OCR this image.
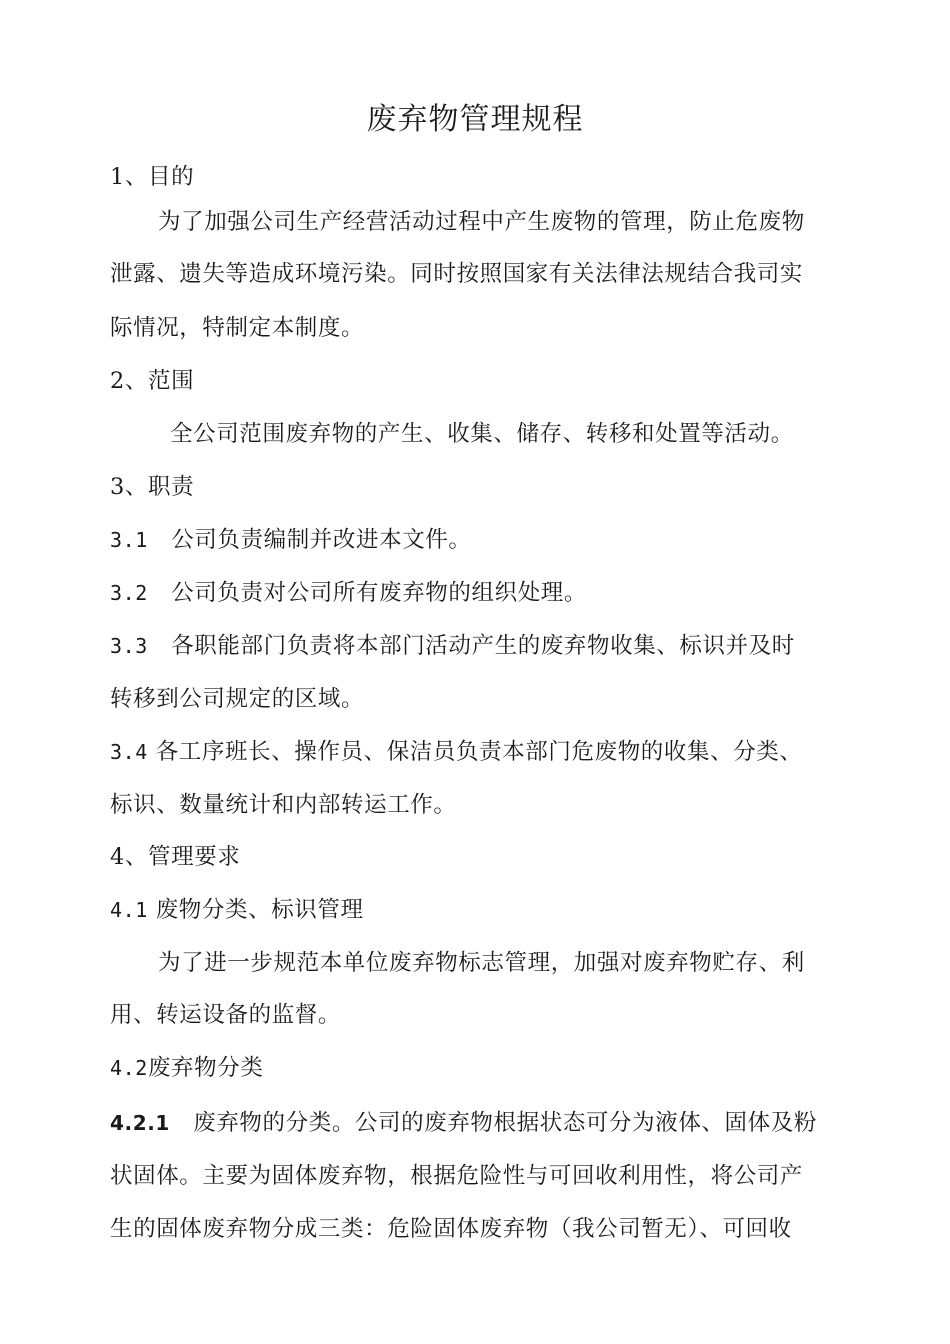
废弃物管理规程
1、目的
为了加强公司生产经营活动过程中产生废物的管理，防止危废物
泄露、遗失等造成环境污染。同时按照国家有关法律法规结合我司实
际情况，特制定本制度。
2、范围
全公司范围废弃物的产生、收集、储存、转移和处置等活动。
3、职责
3.1 公司负责编制并改进本文件。
3.2 公司负责对公司所有废弃物的组织处理。
3.3 各职能部门负责将本部门活动产生的废弃物收集、标识并及时
转移到公司规定的区域。
3.4 各工序班长、操作员、保洁员负责本部门危废物的收集、分类、
标识、数量统计和内部转运工作。
4、管理要求
4.1 废物分类、标识管理
为了进一步规范本单位废弃物标志管理，加强对废弃物贮存、利
用、转运设备的监督。
4.2废弃物分类
4.2.1 废弃物的分类。公司的废弃物根据状态可分为液体、固体及粉
状固体。主要为固体废弃物，根据危险性与可回收利用性，将公司产
生的固体废弃物分成三类：危险固体废弃物（我公司暂无）、可回收
